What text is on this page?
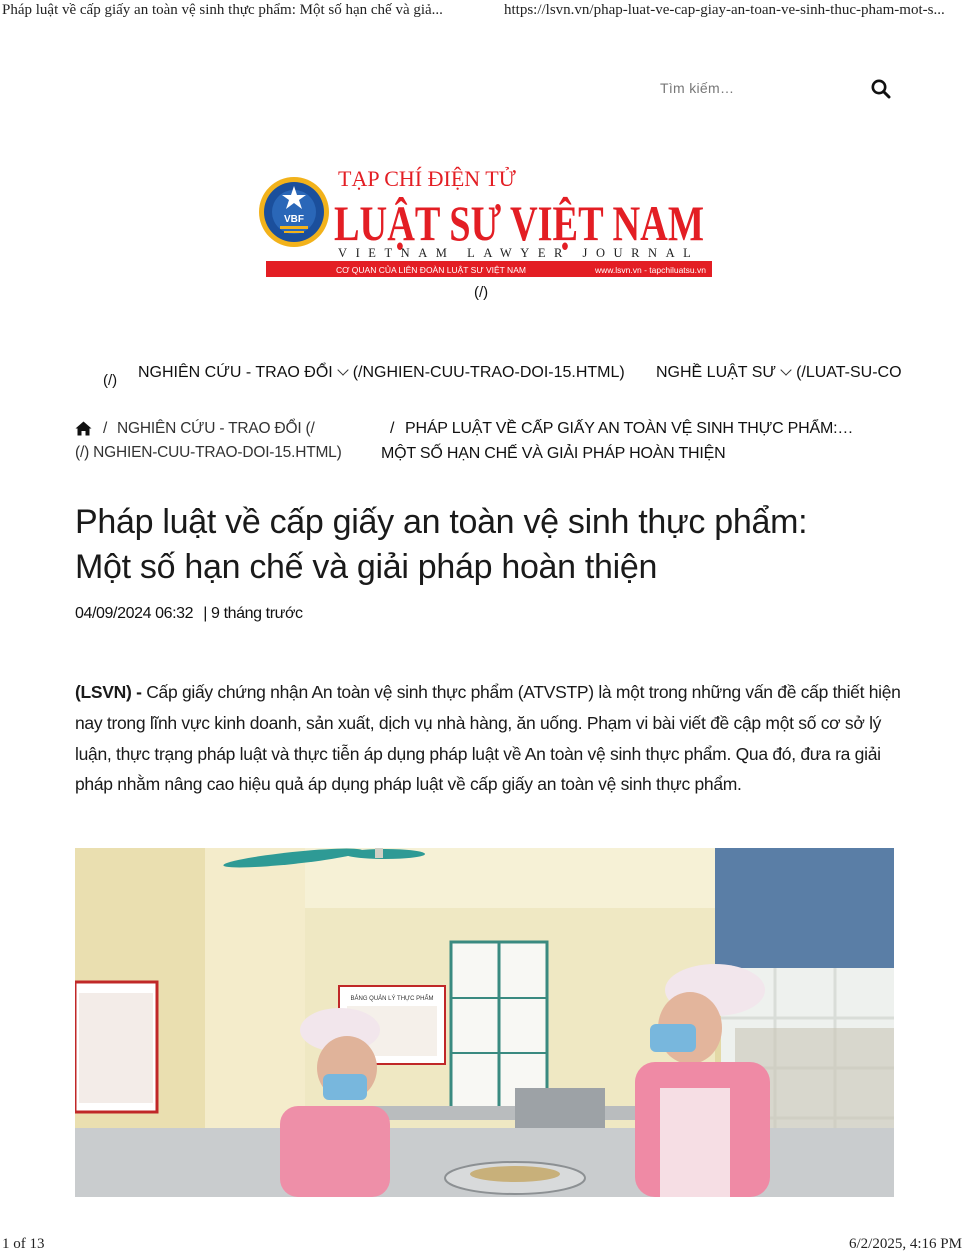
Pháp luật về cấp giấy an toàn vệ sinh thực phẩm: Một số hạn chế và giả...	https://lsvn.vn/phap-luat-ve-cap-giay-an-toan-ve-sinh-thuc-pham-mot-s...
Tìm kiếm…
VBF
TẠP CHÍ ĐIỆN TỬ
LUẬT SƯ VIỆT NAM
VIETNAM LAWYER JOURNAL
CƠ QUAN CỦA LIÊN ĐOÀN LUẬT SƯ VIỆT NAM	www.lsvn.vn - tapchiluatsu.vn
(/)
(/) NGHIÊN CỨU - TRAO ĐỔI (/NGHIEN-CUU-TRAO-DOI-15.HTML) NGHỀ LUẬT SƯ (/LUAT-SU-CO
/ NGHIÊN CỨU - TRAO ĐỔI (/
(/) NGHIEN-CUU-TRAO-DOI-15.HTML)
/ PHÁP LUẬT VỀ CẤP GIẤY AN TOÀN VỆ SINH THỰC PHẨM:…
MỘT SỐ HẠN CHẾ VÀ GIẢI PHÁP HOÀN THIỆN
Pháp luật về cấp giấy an toàn vệ sinh thực phẩm:
Một số hạn chế và giải pháp hoàn thiện
04/09/2024 06:32 | 9 tháng trước

(LSVN) - Cấp giấy chứng nhận An toàn vệ sinh thực phẩm (ATVSTP) là một trong những vấn đề cấp thiết hiện nay trong lĩnh vực kinh doanh, sản xuất, dịch vụ nhà hàng, ăn uống. Phạm vi bài viết đề cập một số cơ sở lý luận, thực trạng pháp luật và thực tiễn áp dụng pháp luật về An toàn vệ sinh thực phẩm. Qua đó, đưa ra giải pháp nhằm nâng cao hiệu quả áp dụng pháp luật về cấp giấy an toàn vệ sinh thực phẩm.

BẢNG QUẢN LÝ THỰC PHẨM
1 of 13	6/2/2025, 4:16 PM
